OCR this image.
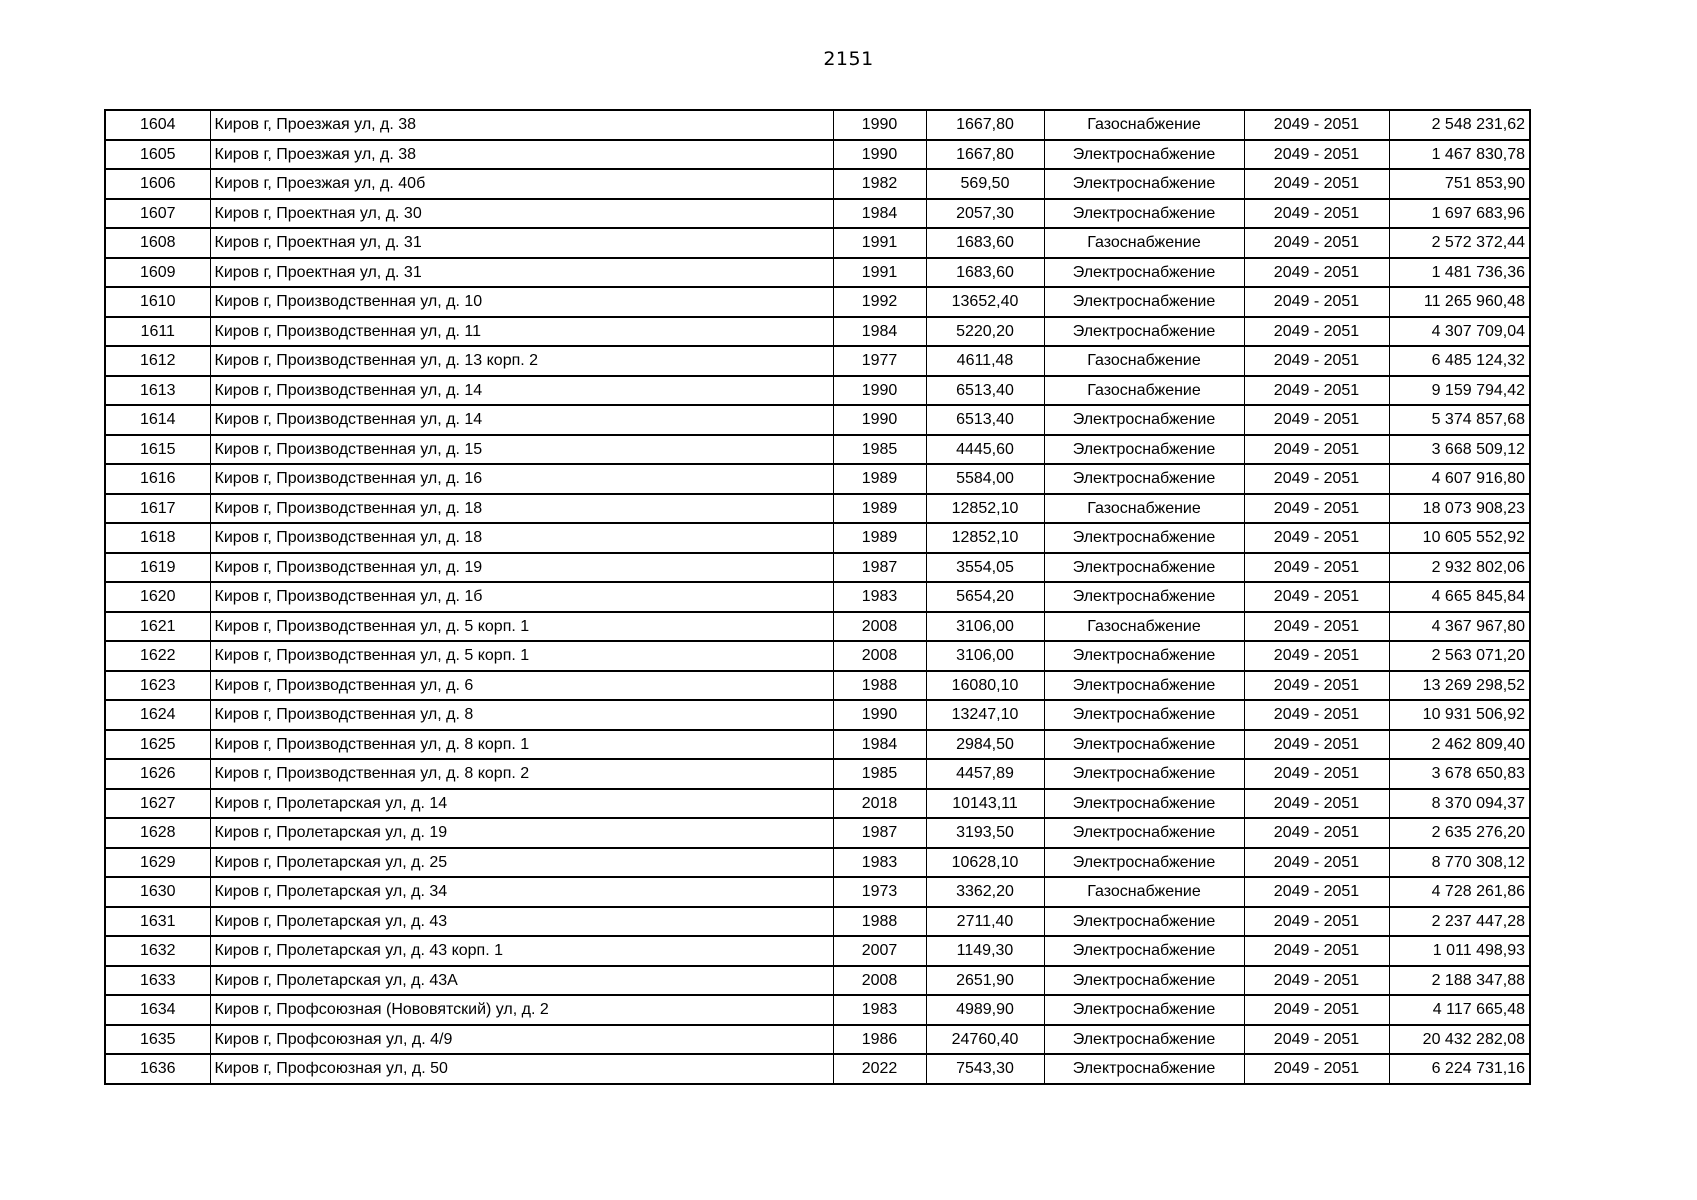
2151
1604	Киров г, Проезжая ул, д. 38	1990	1667,80	Газоснабжение	2049 - 2051	2 548 231,62
1605	Киров г, Проезжая ул, д. 38	1990	1667,80	Электроснабжение	2049 - 2051	1 467 830,78
1606	Киров г, Проезжая ул, д. 40б	1982	569,50	Электроснабжение	2049 - 2051	751 853,90
1607	Киров г, Проектная ул, д. 30	1984	2057,30	Электроснабжение	2049 - 2051	1 697 683,96
1608	Киров г, Проектная ул, д. 31	1991	1683,60	Газоснабжение	2049 - 2051	2 572 372,44
1609	Киров г, Проектная ул, д. 31	1991	1683,60	Электроснабжение	2049 - 2051	1 481 736,36
1610	Киров г, Производственная ул, д. 10	1992	13652,40	Электроснабжение	2049 - 2051	11 265 960,48
1611	Киров г, Производственная ул, д. 11	1984	5220,20	Электроснабжение	2049 - 2051	4 307 709,04
1612	Киров г, Производственная ул, д. 13 корп. 2	1977	4611,48	Газоснабжение	2049 - 2051	6 485 124,32
1613	Киров г, Производственная ул, д. 14	1990	6513,40	Газоснабжение	2049 - 2051	9 159 794,42
1614	Киров г, Производственная ул, д. 14	1990	6513,40	Электроснабжение	2049 - 2051	5 374 857,68
1615	Киров г, Производственная ул, д. 15	1985	4445,60	Электроснабжение	2049 - 2051	3 668 509,12
1616	Киров г, Производственная ул, д. 16	1989	5584,00	Электроснабжение	2049 - 2051	4 607 916,80
1617	Киров г, Производственная ул, д. 18	1989	12852,10	Газоснабжение	2049 - 2051	18 073 908,23
1618	Киров г, Производственная ул, д. 18	1989	12852,10	Электроснабжение	2049 - 2051	10 605 552,92
1619	Киров г, Производственная ул, д. 19	1987	3554,05	Электроснабжение	2049 - 2051	2 932 802,06
1620	Киров г, Производственная ул, д. 1б	1983	5654,20	Электроснабжение	2049 - 2051	4 665 845,84
1621	Киров г, Производственная ул, д. 5 корп. 1	2008	3106,00	Газоснабжение	2049 - 2051	4 367 967,80
1622	Киров г, Производственная ул, д. 5 корп. 1	2008	3106,00	Электроснабжение	2049 - 2051	2 563 071,20
1623	Киров г, Производственная ул, д. 6	1988	16080,10	Электроснабжение	2049 - 2051	13 269 298,52
1624	Киров г, Производственная ул, д. 8	1990	13247,10	Электроснабжение	2049 - 2051	10 931 506,92
1625	Киров г, Производственная ул, д. 8 корп. 1	1984	2984,50	Электроснабжение	2049 - 2051	2 462 809,40
1626	Киров г, Производственная ул, д. 8 корп. 2	1985	4457,89	Электроснабжение	2049 - 2051	3 678 650,83
1627	Киров г, Пролетарская ул, д. 14	2018	10143,11	Электроснабжение	2049 - 2051	8 370 094,37
1628	Киров г, Пролетарская ул, д. 19	1987	3193,50	Электроснабжение	2049 - 2051	2 635 276,20
1629	Киров г, Пролетарская ул, д. 25	1983	10628,10	Электроснабжение	2049 - 2051	8 770 308,12
1630	Киров г, Пролетарская ул, д. 34	1973	3362,20	Газоснабжение	2049 - 2051	4 728 261,86
1631	Киров г, Пролетарская ул, д. 43	1988	2711,40	Электроснабжение	2049 - 2051	2 237 447,28
1632	Киров г, Пролетарская ул, д. 43 корп. 1	2007	1149,30	Электроснабжение	2049 - 2051	1 011 498,93
1633	Киров г, Пролетарская ул, д. 43А	2008	2651,90	Электроснабжение	2049 - 2051	2 188 347,88
1634	Киров г, Профсоюзная (Нововятский) ул, д. 2	1983	4989,90	Электроснабжение	2049 - 2051	4 117 665,48
1635	Киров г, Профсоюзная ул, д. 4/9	1986	24760,40	Электроснабжение	2049 - 2051	20 432 282,08
1636	Киров г, Профсоюзная ул, д. 50	2022	7543,30	Электроснабжение	2049 - 2051	6 224 731,16
